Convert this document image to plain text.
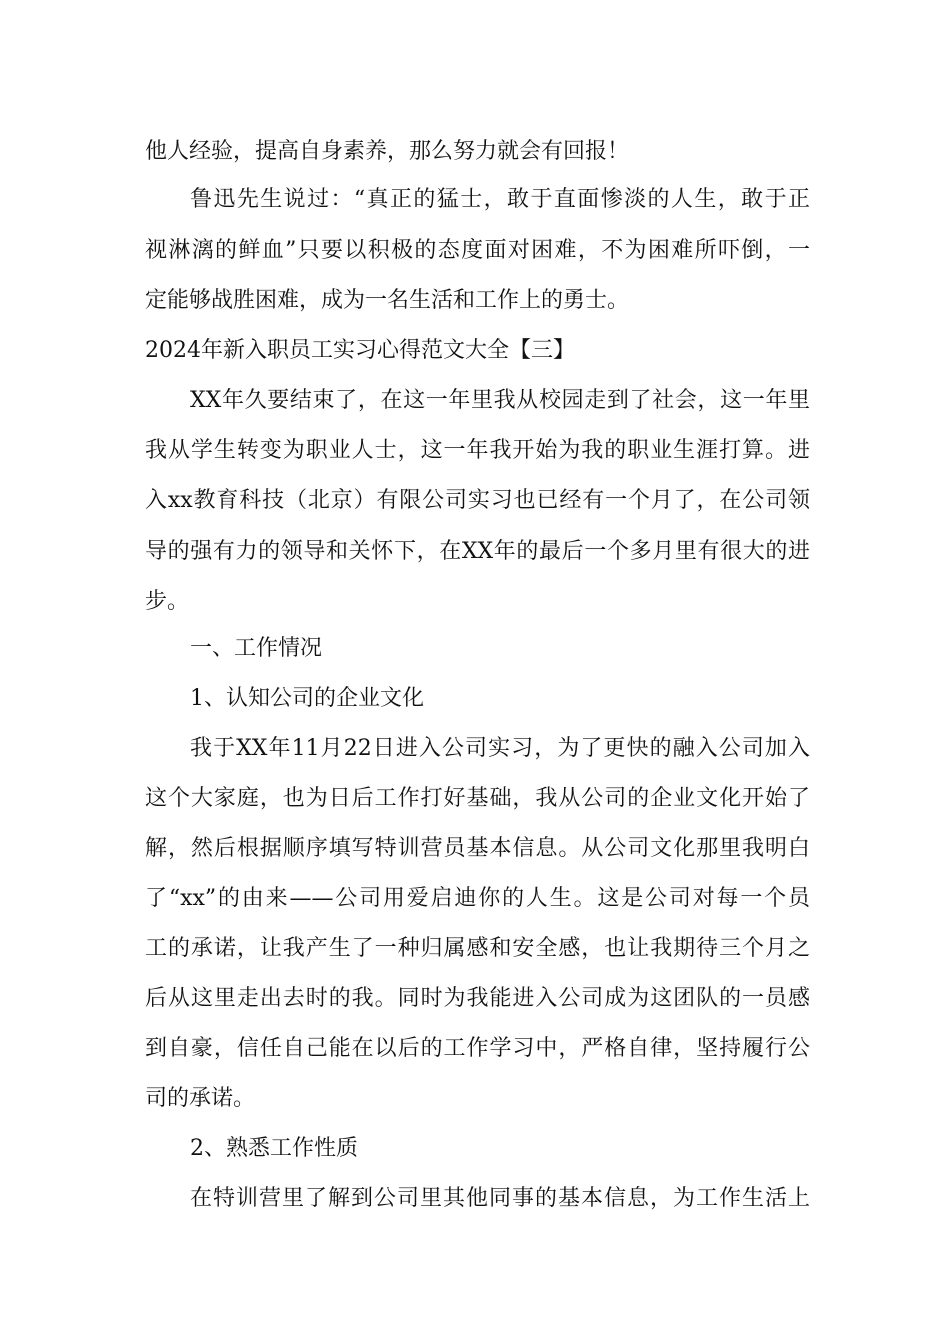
他人经验，提高自身素养，那么努力就会有回报！
鲁迅先生说过：“真正的猛士，敢于直面惨淡的人生，敢于正
视淋漓的鲜血”只要以积极的态度面对困难，不为困难所吓倒，一
定能够战胜困难，成为一名生活和工作上的勇士。
2024年新入职员工实习心得范文大全【三】
XX年久要结束了，在这一年里我从校园走到了社会，这一年里
我从学生转变为职业人士，这一年我开始为我的职业生涯打算。进
入xx教育科技（北京）有限公司实习也已经有一个月了，在公司领
导的强有力的领导和关怀下，在XX年的最后一个多月里有很大的进
步。
一、工作情况
1、认知公司的企业文化
我于XX年11月22日进入公司实习，为了更快的融入公司加入
这个大家庭，也为日后工作打好基础，我从公司的企业文化开始了
解，然后根据顺序填写特训营员基本信息。从公司文化那里我明白
了“xx”的由来——公司用爱启迪你的人生。这是公司对每一个员
工的承诺，让我产生了一种归属感和安全感，也让我期待三个月之
后从这里走出去时的我。同时为我能进入公司成为这团队的一员感
到自豪，信任自己能在以后的工作学习中，严格自律，坚持履行公
司的承诺。
2、熟悉工作性质
在特训营里了解到公司里其他同事的基本信息，为工作生活上
